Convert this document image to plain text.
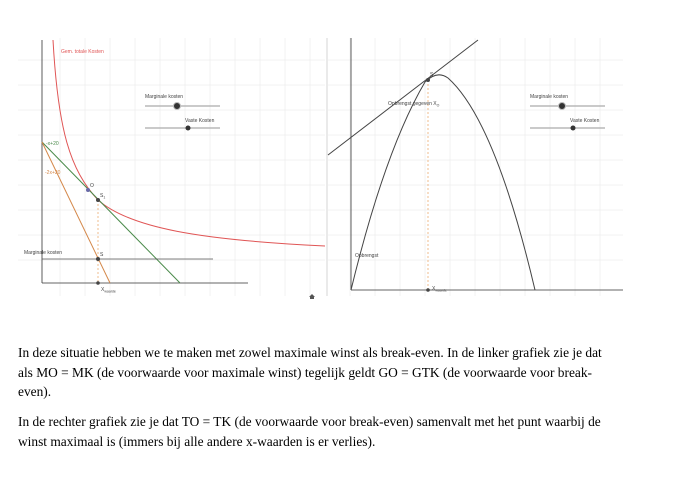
Gem. totale Kosten
-x+20
-2x+20
Marginale kosten
O
$S_1$
S
$X_{waarde}$
Marginale kosten
Vaste Kosten
Opbrengst gegeven $X_O$
Opbrengst
S
$X_{waarde}$
Marginale kosten
Vaste Kosten

In deze situatie hebben we te maken met zowel maximale winst als break-even. In de linker grafiek zie je dat als MO = MK (de voorwaarde voor maximale winst) tegelijk geldt GO = GTK (de voorwaarde voor break-even).

In de rechter grafiek zie je dat TO = TK (de voorwaarde voor break-even) samenvalt met het punt waarbij de winst maximaal is (immers bij alle andere x-waarden is er verlies).
